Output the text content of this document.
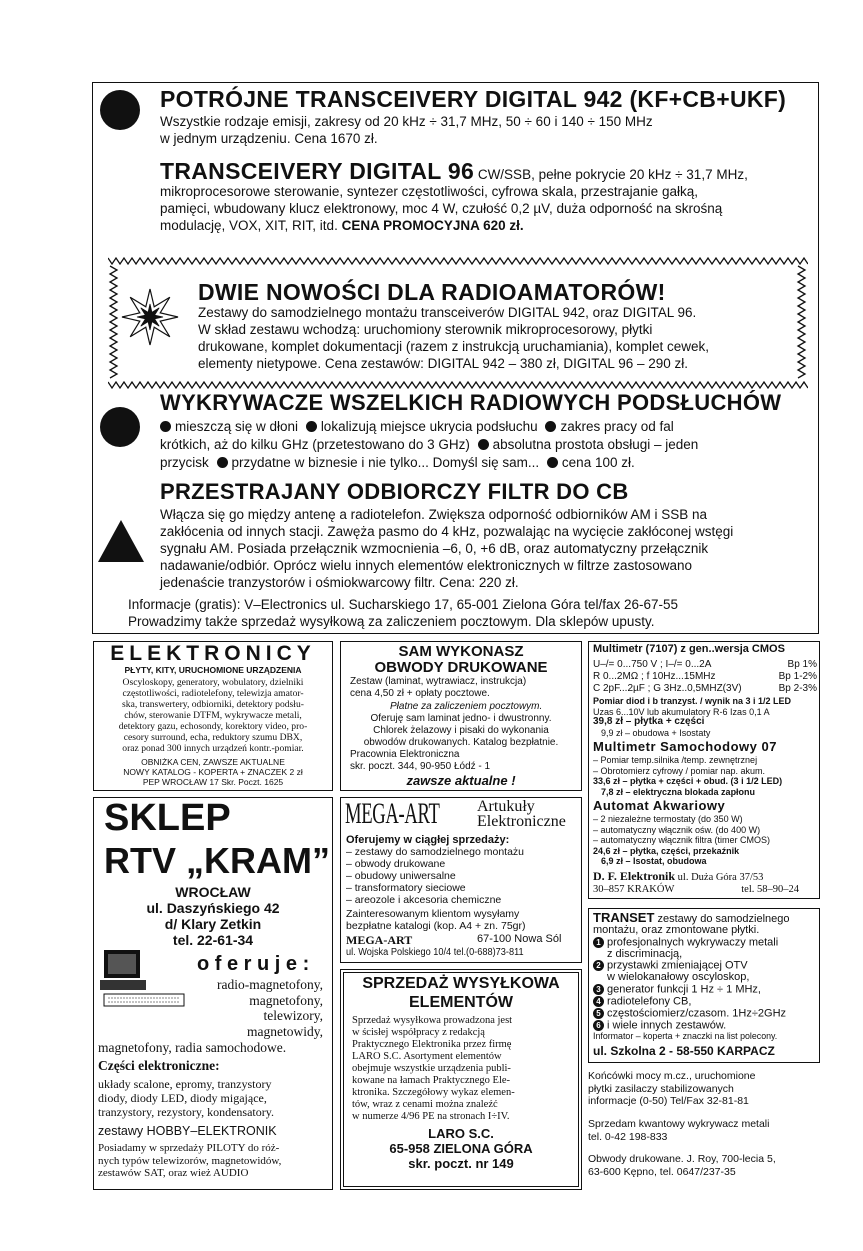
POTRÓJNE TRANSCEIVERY DIGITAL 942 (KF+CB+UKF)
Wszystkie rodzaje emisji, zakresy od 20 kHz ÷ 31,7 MHz, 50 ÷ 60 i 140 ÷ 150 MHz
w jednym urządzeniu. Cena 1670 zł.
TRANSCEIVERY DIGITAL 96 CW/SSB, pełne pokrycie 20 kHz ÷ 31,7 MHz,
mikroprocesorowe sterowanie, syntezer częstotliwości, cyfrowa skala, przestrajanie gałką,
pamięci, wbudowany klucz elektronowy, moc 4 W, czułość 0,2 µV, duża odporność na skrośną
modulację, VOX, XIT, RIT, itd. CENA PROMOCYJNA 620 zł.
DWIE NOWOŚCI DLA RADIOAMATORÓW!
Zestawy do samodzielnego montażu transceiverów DIGITAL 942, oraz DIGITAL 96.
W skład zestawu wchodzą: uruchomiony sterownik mikroprocesorowy, płytki
drukowane, komplet dokumentacji (razem z instrukcją uruchamiania), komplet cewek,
elementy nietypowe. Cena zestawów: DIGITAL 942 – 380 zł, DIGITAL 96 – 290 zł.
WYKRYWACZE WSZELKICH RADIOWYCH PODSŁUCHÓW
mieszczą się w dłoni lokalizują miejsce ukrycia podsłuchu zakres pracy od fal
krótkich, aż do kilku GHz (przetestowano do 3 GHz) absolutna prostota obsługi – jeden
przycisk przydatne w biznesie i nie tylko... Domyśl się sam... cena 100 zł.
PRZESTRAJANY ODBIORCZY FILTR DO CB
Włącza się go między antenę a radiotelefon. Zwiększa odporność odbiorników AM i SSB na
zakłócenia od innych stacji. Zawęża pasmo do 4 kHz, pozwalając na wycięcie zakłóconej wstęgi
sygnału AM. Posiada przełącznik wzmocnienia –6, 0, +6 dB, oraz automatyczny przełącznik
nadawanie/odbiór. Oprócz wielu innych elementów elektronicznych w filtrze zastosowano
jedenaście tranzystorów i ośmiokwarcowy filtr. Cena: 220 zł.
Informacje (gratis): V–Electronics ul. Sucharskiego 17, 65-001 Zielona Góra tel/fax 26-67-55
Prowadzimy także sprzedaż wysyłkową za zaliczeniem pocztowym. Dla sklepów upusty.
ELEKTRONICY
PŁYTY, KITY, URUCHOMIONE URZĄDZENIA
Oscyloskopy, generatory, wobulatory, dzielniki
częstotliwości, radiotelefony, telewizja amator-
ska, transwertery, odbiorniki, detektory podsłu-
chów, sterowanie DTFM, wykrywacze metali,
detektory gazu, echosondy, korektory video, pro-
cesory surround, echa, reduktory szumu DBX,
oraz ponad 300 innych urządzeń kontr.-pomiar.
OBNIŻKA CEN, ZAWSZE AKTUALNE
NOWY KATALOG - KOPERTA + ZNACZEK 2 zł
PEP WROCŁAW 17 Skr. Poczt. 1625
SAM WYKONASZ
OBWODY DRUKOWANE
Zestaw (laminat, wytrawiacz, instrukcja)
cena 4,50 zł + opłaty pocztowe.
Płatne za zaliczeniem pocztowym.
Oferuję sam laminat jedno- i dwustronny.
Chlorek żelazowy i pisaki do wykonania
obwodów drukowanych. Katalog bezpłatnie.
Pracownia Elektroniczna
skr. poczt. 344, 90-950 Łódź - 1
zawsze aktualne !
Multimetr (7107) z gen..wersja CMOS
U–/= 0...750 V ; I–/= 0...2A	Bp 1%
R 0...2MΩ ; f 10Hz...15MHz	Bp 1-2%
C 2pF...2µF ; G 3Hz..0,5MHZ(3V)	Bp 2-3%
Pomiar diod i b tranzyst. / wynik na 3 i 1/2 LED
Uzas 6...10V lub akumulatory R-6 Izas 0,1 A
39,8 zł – płytka + części
9,9 zł – obudowa + Isostaty
Multimetr Samochodowy 07
– Pomiar temp.silnika /temp. zewnętrznej
– Obrotomierz cyfrowy / pomiar nap. akum.
33,6 zł – płytka + części + obud. (3 i 1/2 LED)
7,8 zł – elektryczna blokada zapłonu
Automat Akwariowy
– 2 niezależne termostaty (do 350 W)
– automatyczny włącznik ośw. (do 400 W)
– automatyczny włącznik filtra (timer CMOS)
24,6 zł – płytka, części, przekaźnik
6,9 zł – Isostat, obudowa
D. F. Elektronik ul. Duża Góra 37/53
30–857 KRAKÓW	tel. 58–90–24
SKLEP
RTV „KRAM”
WROCŁAW
ul. Daszyńskiego 42
d/ Klary Zetkin
tel. 22-61-34
o f e r u j e :
radio-magnetofony,
magnetofony,
telewizory,
magnetowidy,
magnetofony, radia samochodowe.
Części elektroniczne:
układy scalone, epromy, tranzystory
diody, diody LED, diody migające,
tranzystory, rezystory, kondensatory.
zestawy HOBBY–ELEKTRONIK
Posiadamy w sprzedaży PILOTY do róż-
nych typów telewizorów, magnetowidów,
zestawów SAT, oraz wież AUDIO
MEGA-ART Artukuły
Elektroniczne
Oferujemy w ciągłej sprzedaży:
– zestawy do samodzielnego montażu
– obwody drukowane
– obudowy uniwersalne
– transformatory sieciowe
– areozole i akcesoria chemiczne
Zainteresowanym klientom wysyłamy
bezpłatne katalogi (kop. A4 + zn. 75gr)
MEGA-ART	67-100 Nowa Sól
ul. Wojska Polskiego 10/4 tel.(0-688)73-811
SPRZEDAŻ WYSYŁKOWA
ELEMENTÓW
Sprzedaż wysyłkowa prowadzona jest
w ścisłej współpracy z redakcją
Praktycznego Elektronika przez firmę
LARO S.C. Asortyment elementów
obejmuje wszystkie urządzenia publi-
kowane na łamach Praktycznego Ele-
ktronika. Szczegółowy wykaz elemen-
tów, wraz z cenami można znaleźć
w numerze 4/96 PE na stronach I÷IV.
LARO S.C.
65-958 ZIELONA GÓRA
skr. poczt. nr 149
TRANSET zestawy do samodzielnego
montażu, oraz zmontowane płytki.
1 profesjonalnych wykrywaczy metali
z discriminacją,
2 przystawki zmieniającej OTV
w wielokanałowy oscyloskop,
3 generator funkcji 1 Hz ÷ 1 MHz,
4 radiotelefony CB,
5 częstościomierz/czasom. 1Hz÷2GHz
6 i wiele innych zestawów.
Informator – koperta + znaczki na list polecony.
ul. Szkolna 2 - 58-550 KARPACZ
Końcówki mocy m.cz., uruchomione
płytki zasilaczy stabilizowanych
informacje (0-50) Tel/Fax 32-81-81
Sprzedam kwantowy wykrywacz metali
tel. 0-42 198-833
Obwody drukowane. J. Roy, 700-lecia 5,
63-600 Kępno, tel. 0647/237-35
